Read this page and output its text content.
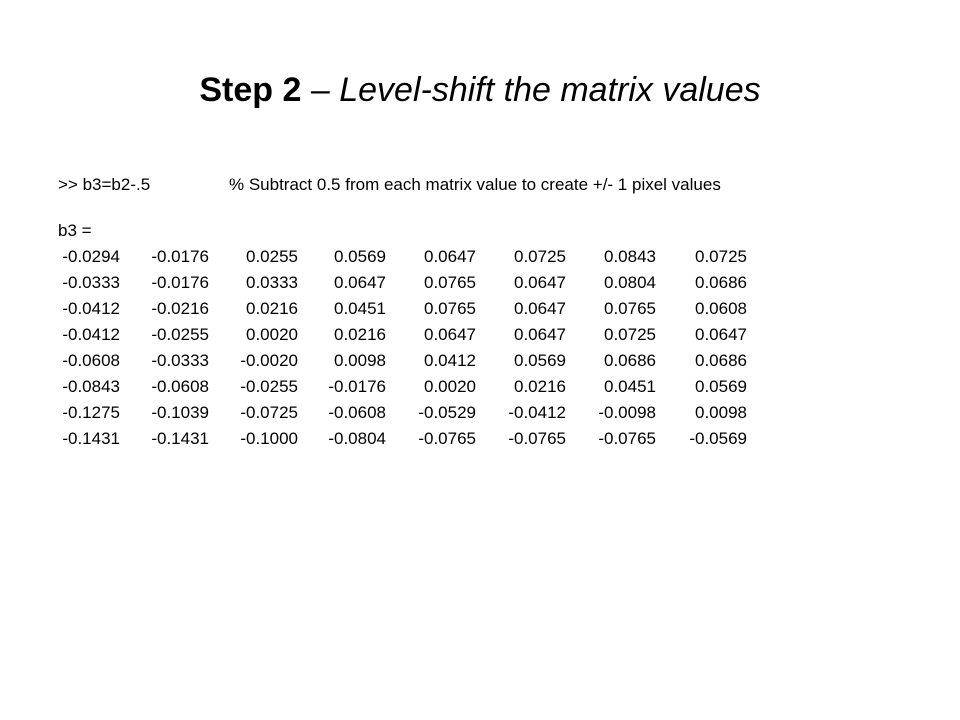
Step 2 – Level-shift the matrix values
>> b3=b2-.5	% Subtract 0.5 from each matrix value to create +/- 1 pixel values
b3 =
-0.0294	-0.0176	0.0255	0.0569	0.0647	0.0725	0.0843	0.0725
-0.0333	-0.0176	0.0333	0.0647	0.0765	0.0647	0.0804	0.0686
-0.0412	-0.0216	0.0216	0.0451	0.0765	0.0647	0.0765	0.0608
-0.0412	-0.0255	0.0020	0.0216	0.0647	0.0647	0.0725	0.0647
-0.0608	-0.0333	-0.0020	0.0098	0.0412	0.0569	0.0686	0.0686
-0.0843	-0.0608	-0.0255	-0.0176	0.0020	0.0216	0.0451	0.0569
-0.1275	-0.1039	-0.0725	-0.0608	-0.0529	-0.0412	-0.0098	0.0098
-0.1431	-0.1431	-0.1000	-0.0804	-0.0765	-0.0765	-0.0765	-0.0569
